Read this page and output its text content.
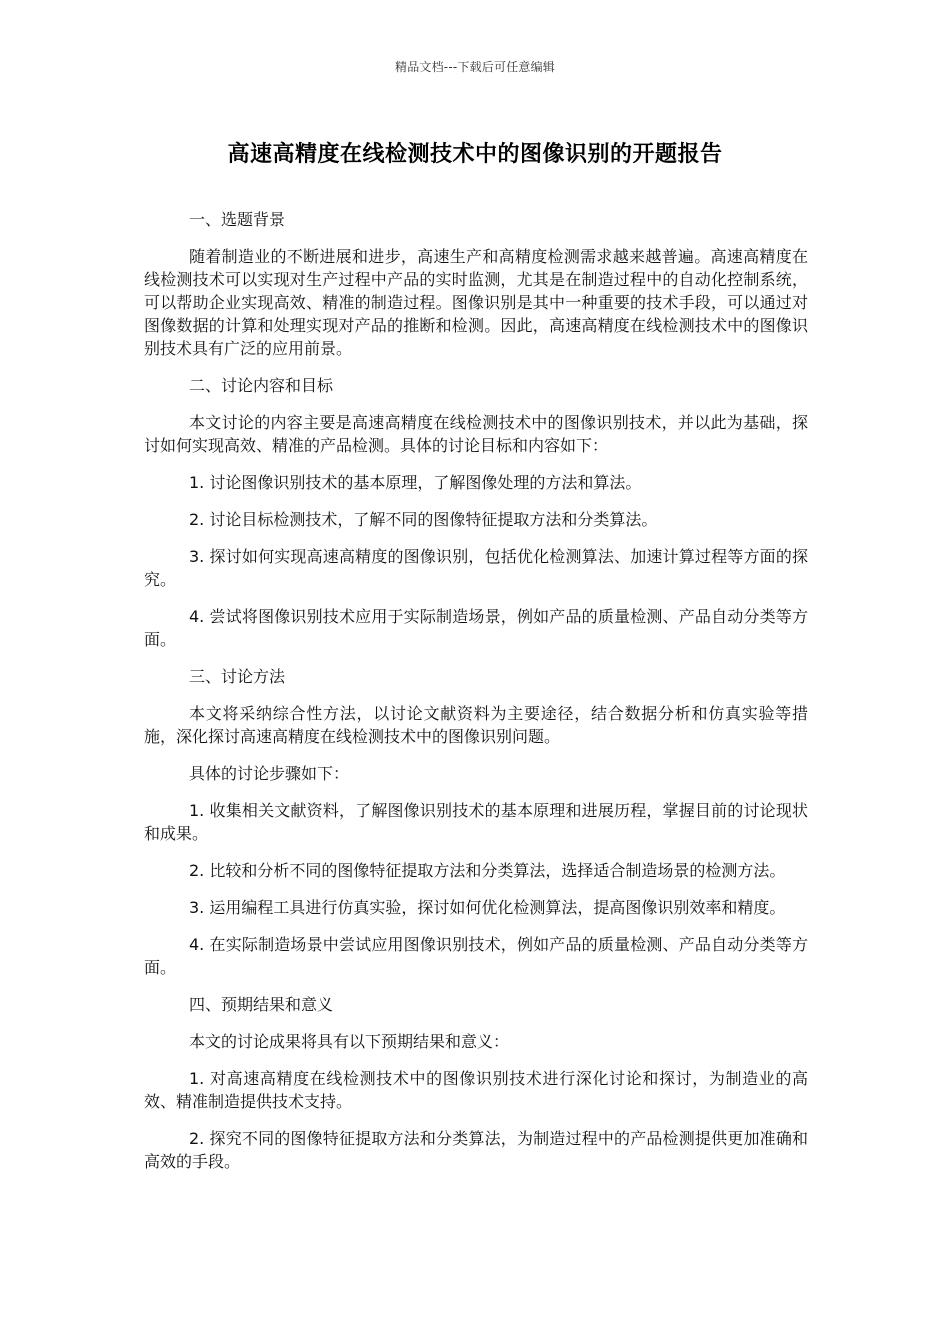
精品文档---下载后可任意编辑
高速高精度在线检测技术中的图像识别的开题报告

一、选题背景

随着制造业的不断进展和进步，高速生产和高精度检测需求越来越普遍。高速高精度在线检测技术可以实现对生产过程中产品的实时监测，尤其是在制造过程中的自动化控制系统，可以帮助企业实现高效、精准的制造过程。图像识别是其中一种重要的技术手段，可以通过对图像数据的计算和处理实现对产品的推断和检测。因此，高速高精度在线检测技术中的图像识别技术具有广泛的应用前景。

二、讨论内容和目标

本文讨论的内容主要是高速高精度在线检测技术中的图像识别技术，并以此为基础，探讨如何实现高效、精准的产品检测。具体的讨论目标和内容如下：

1. 讨论图像识别技术的基本原理，了解图像处理的方法和算法。

2. 讨论目标检测技术，了解不同的图像特征提取方法和分类算法。

3. 探讨如何实现高速高精度的图像识别，包括优化检测算法、加速计算过程等方面的探究。

4. 尝试将图像识别技术应用于实际制造场景，例如产品的质量检测、产品自动分类等方面。

三、讨论方法

本文将采纳综合性方法，以讨论文献资料为主要途径，结合数据分析和仿真实验等措施，深化探讨高速高精度在线检测技术中的图像识别问题。

具体的讨论步骤如下：

1. 收集相关文献资料，了解图像识别技术的基本原理和进展历程，掌握目前的讨论现状和成果。

2. 比较和分析不同的图像特征提取方法和分类算法，选择适合制造场景的检测方法。

3. 运用编程工具进行仿真实验，探讨如何优化检测算法，提高图像识别效率和精度。

4. 在实际制造场景中尝试应用图像识别技术，例如产品的质量检测、产品自动分类等方面。

四、预期结果和意义

本文的讨论成果将具有以下预期结果和意义：

1. 对高速高精度在线检测技术中的图像识别技术进行深化讨论和探讨，为制造业的高效、精准制造提供技术支持。

2. 探究不同的图像特征提取方法和分类算法，为制造过程中的产品检测提供更加准确和高效的手段。
